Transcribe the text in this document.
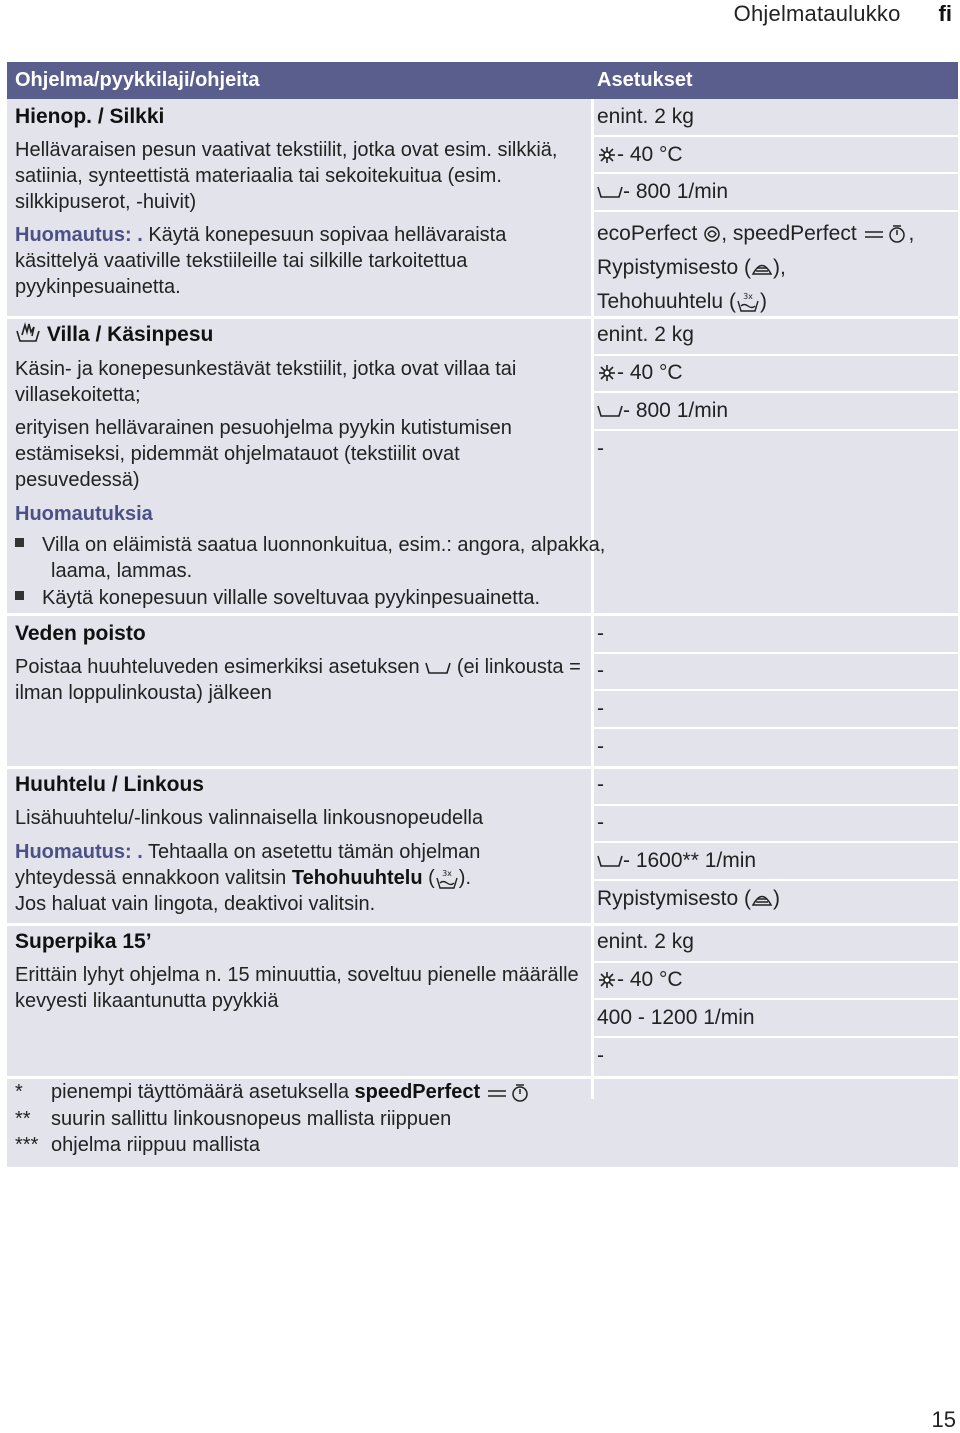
Ohjelmataulukko fi
Ohjelma/pyykkilaji/ohjeita	Asetukset
Hienop. / Silkki
Hellävaraisen pesun vaativat tekstiilit, jotka ovat esim. silkkiä, satiinia, synteettistä materiaalia tai sekoitekuitua (esim. silkkipuserot, -huivit)
Huomautus: . Käytä konepesuun sopivaa hellävaraista käsittelyä vaativille tekstiileille tai silkille tarkoitettua pyykinpesuainetta.
enint. 2 kg
- 40 °C
- 800 1/min
ecoPerfect , speedPerfect ,
Rypistymisesto ( ),
Tehohuuhtelu ( 3x )
Villa / Käsinpesu
Käsin- ja konepesunkestävät tekstiilit, jotka ovat villaa tai villasekoitetta;
erityisen hellävarainen pesuohjelma pyykin kutistumisen estämiseksi, pidemmät ohjelmatauot (tekstiilit ovat pesuvedessä)
Huomautuksia
Villa on eläimistä saatua luonnonkuitua, esim.: angora, alpakka, laama, lammas.
Käytä konepesuun villalle soveltuvaa pyykinpesuainetta.
enint. 2 kg
- 40 °C
- 800 1/min
-
Veden poisto
Poistaa huuhteluveden esimerkiksi asetuksen (ei linkousta = ilman loppulinkousta) jälkeen
-
-
-
-
Huuhtelu / Linkous
Lisähuuhtelu/-linkous valinnaisella linkousnopeudella
Huomautus: . Tehtaalla on asetettu tämän ohjelman yhteydessä ennakkoon valitsin Tehohuuhtelu ( 3x ).
Jos haluat vain lingota, deaktivoi valitsin.
-
-
- 1600** 1/min
Rypistymisesto ( )
Superpika 15’
Erittäin lyhyt ohjelma n. 15 minuuttia, soveltuu pienelle määrälle kevyesti likaantunutta pyykkiä
enint. 2 kg
- 40 °C
400 - 1200 1/min
-
* pienempi täyttömäärä asetuksella speedPerfect
** suurin sallittu linkousnopeus mallista riippuen
*** ohjelma riippuu mallista
15
